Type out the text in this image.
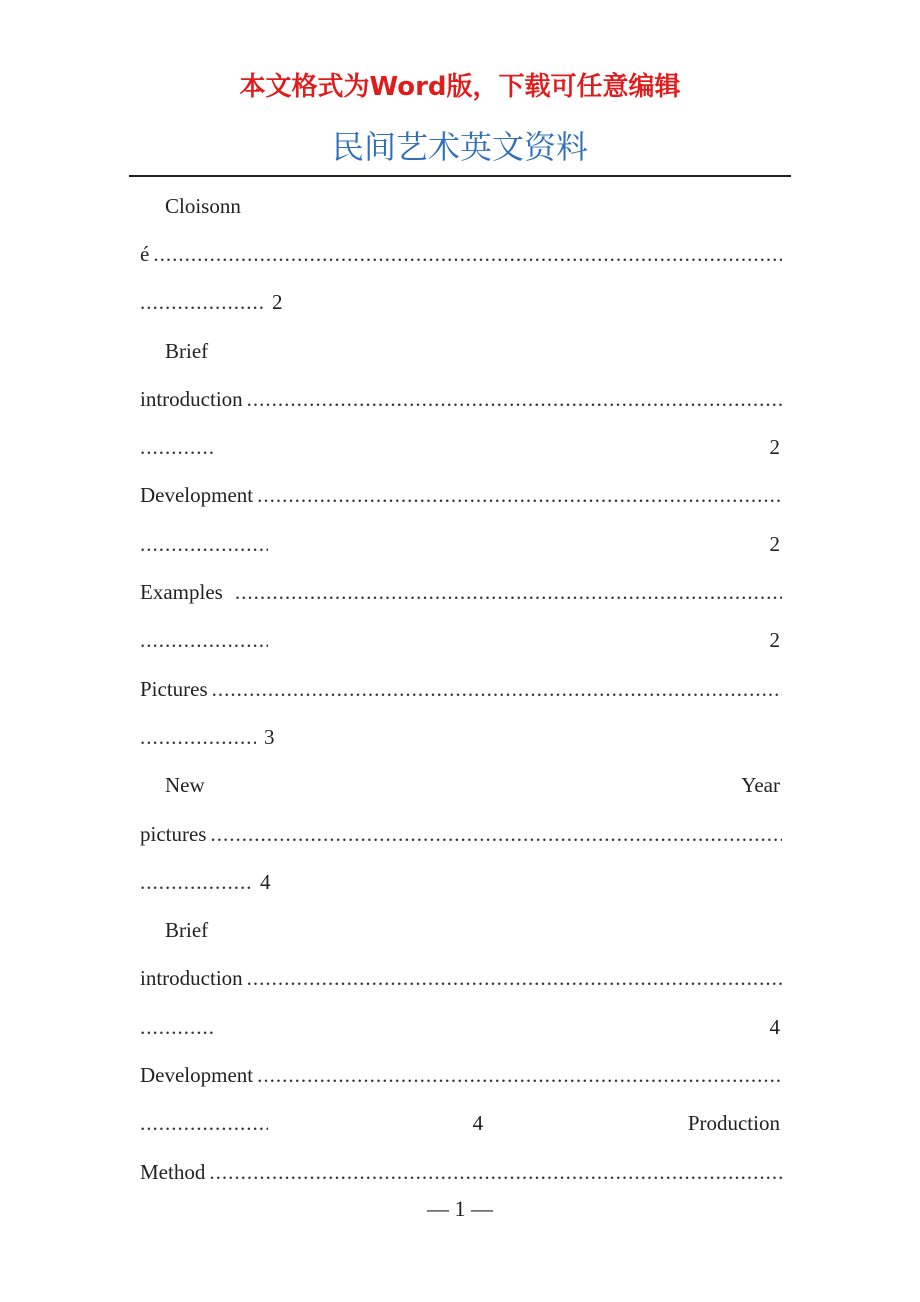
本文格式为Word版，下载可任意编辑
民间艺术英文资料
Cloisonn
é
.....
.....
2
Brief
introduction
.....
.....
2
Development
.....
.....
2
Examples
.....
.....
2
Pictures
.....
.....
3
New	Year
pictures
.....
.....
4
Brief
introduction
.....
.....
4
Development
.....
.....
4	Production
Method
.....
— 1 —
